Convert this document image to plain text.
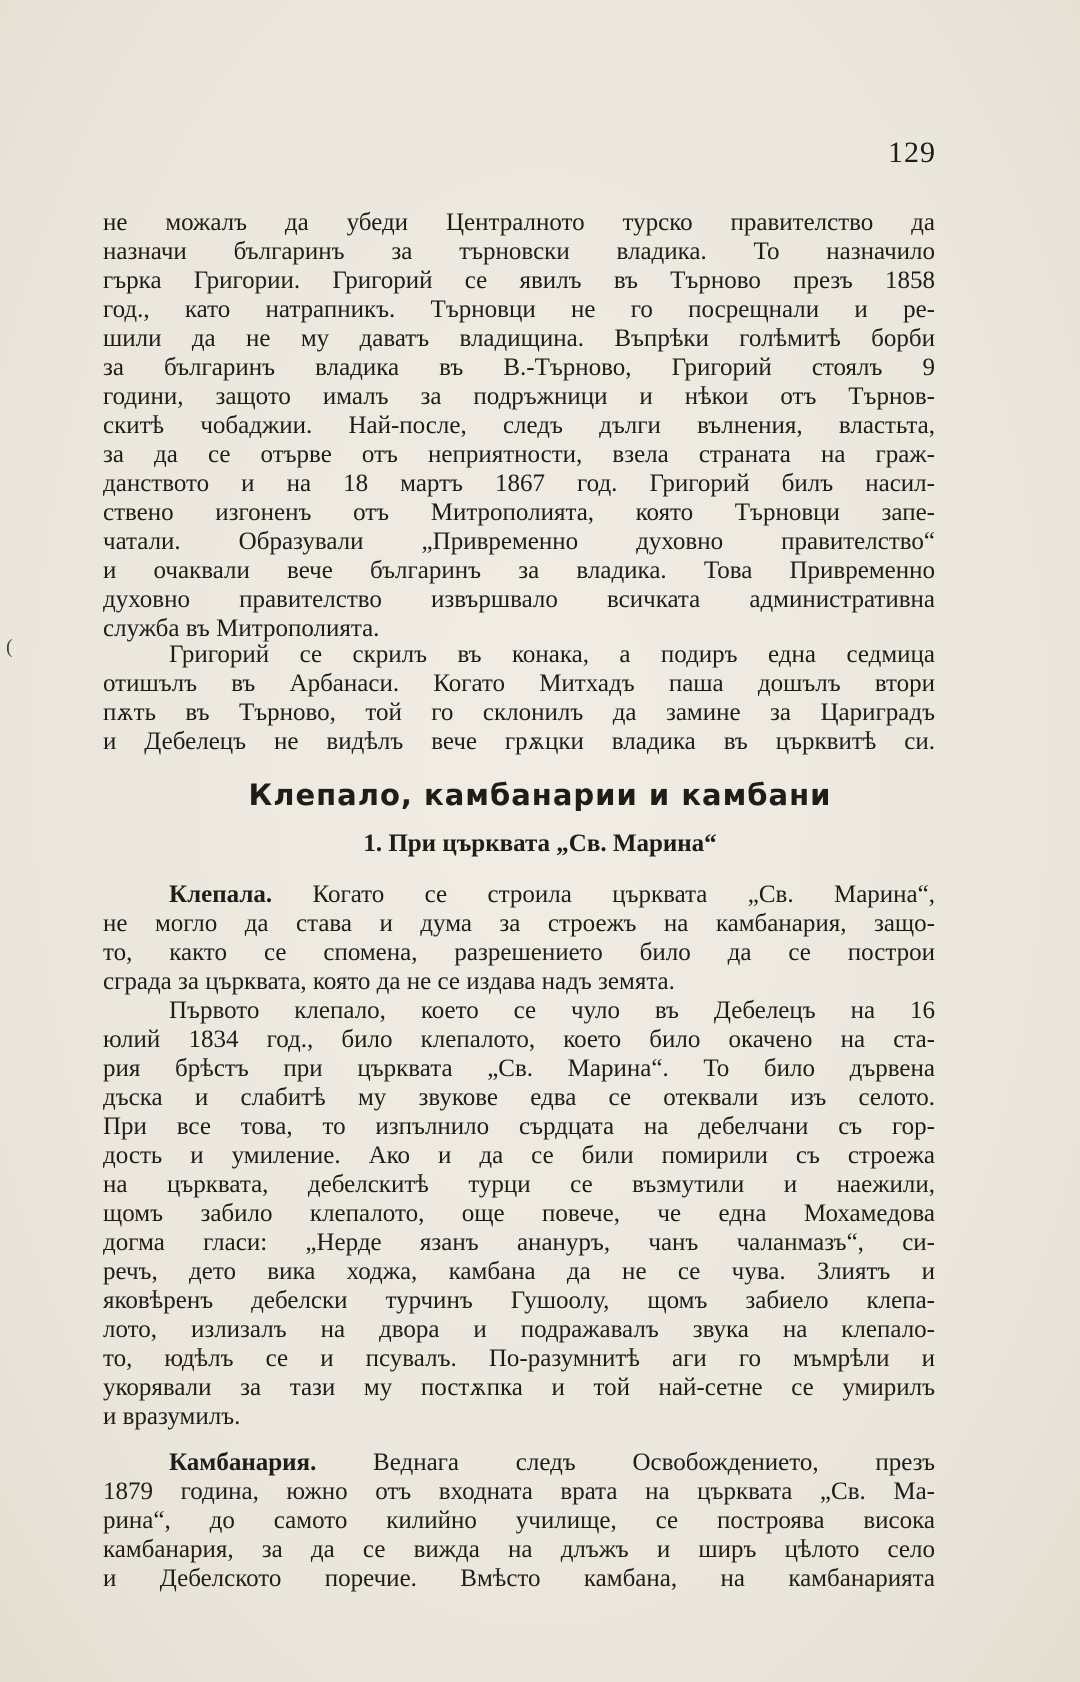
(
129
не можалъ да убеди Централното турско правителство да
назначи българинъ за търновски владика. То назначило
гърка Григории. Григорий се явилъ въ Търново презъ 1858
год., като натрапникъ. Търновци не го посрещнали и ре-
шили да не му даватъ владищина. Въпрѣки голѣмитѣ борби
за българинъ владика въ В.-Търново, Григорий стоялъ 9
години, защото ималъ за подръжници и нѣкои отъ Търнов-
скитѣ чобаджии. Най-после, следъ дълги вълнения, властьта,
за да се отърве отъ неприятности, взела страната на граж-
данството и на 18 мартъ 1867 год. Григорий билъ насил-
ствено изгоненъ отъ Митрополията, която Търновци запе-
чатали. Образували „Привременно духовно правителство“
и очаквали вече българинъ за владика. Това Привременно
духовно правителство извършвало всичката административна
служба въ Митрополията.
Григорий се скрилъ въ конака, а подиръ една седмица
отишълъ въ Арбанаси. Когато Митхадъ паша дошълъ втори
пѫть въ Търново, той го склонилъ да замине за Цариградъ
и Дебелецъ не видѣлъ вече грѫцки владика въ църквитѣ си.
Клепало, камбанарии и камбани
1. При църквата „Св. Марина“
Клепала. Когато се строила църквата „Св. Марина“,
не могло да става и дума за строежъ на камбанария, защо-
то, както се спомена, разрешението било да се построи
сграда за църквата, която да не се издава надъ земята.
Първото клепало, което се чуло въ Дебелецъ на 16
юлий 1834 год., било клепалото, което било окачено на ста-
рия брѣстъ при църквата „Св. Марина“. То било дървена
дъска и слабитѣ му звукове едва се отеквали изъ селото.
При все това, то изпълнило сърдцата на дебелчани съ гор-
дость и умиление. Ако и да се били помирили съ строежа
на църквата, дебелскитѣ турци се възмутили и наежили,
щомъ забило клепалото, още повече, че една Мохамедова
догма гласи: „Нерде язанъ анануръ, чанъ чаланмазъ“, си-
речъ, дето вика ходжа, камбана да не се чува. Злиятъ и
яковѣренъ дебелски турчинъ Гушоолу, щомъ забиело клепа-
лото, излизалъ на двора и подражавалъ звука на клепало-
то, юдѣлъ се и псувалъ. По-разумнитѣ аги го мъмрѣли и
укорявали за тази му постѫпка и той най-сетне се умирилъ
и вразумилъ.
Камбанария. Веднага следъ Освобождението, презъ
1879 година, южно отъ входната врата на църквата „Св. Ма-
рина“, до самото килийно училище, се построява висока
камбанария, за да се вижда на длъжъ и ширъ цѣлото село
и Дебелското поречие. Вмѣсто камбана, на камбанарията
